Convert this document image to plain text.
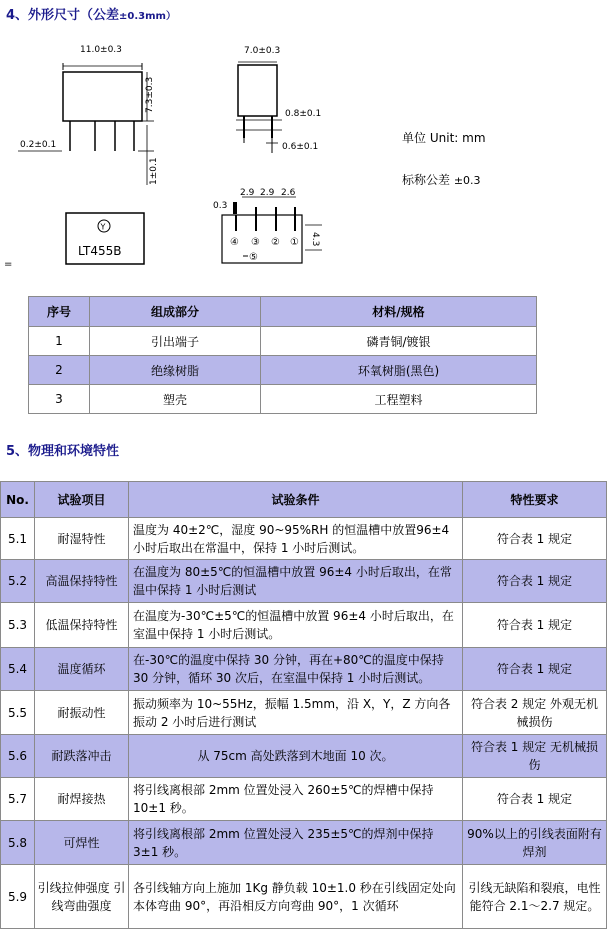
4、外形尺寸（公差±0.3mm）
11.0±0.3
7.3±0.3
1±0.1
0.2±0.1
7.0±0.3
0.8±0.1
0.6±0.1
Y
LT455B
2.9 2.9 2.6
0.3
④ ③ ② ①
⑤
4.3
单位 Unit: mm
标称公差 ±0.3
=
序号	组成部分	材料/规格
1	引出端子	磷青铜/镀银
2	绝缘树脂	环氧树脂(黑色)
3	塑壳	工程塑料
5、物理和环境特性
No.	试验项目	试验条件	特性要求
5.1	耐湿特性	温度为 40±2℃，湿度 90~95%RH 的恒温槽中放置96±4 小时后取出在常温中，保持 1 小时后测试。	符合表 1 规定
5.2	高温保持特性	在温度为 80±5℃的恒温槽中放置 96±4 小时后取出，在常温中保持 1 小时后测试	符合表 1 规定
5.3	低温保持特性	在温度为-30℃±5℃的恒温槽中放置 96±4 小时后取出，在室温中保持 1 小时后测试。	符合表 1 规定
5.4	温度循环	在-30℃的温度中保持 30 分钟，再在+80℃的温度中保持 30 分钟，循环 30 次后，在室温中保持 1 小时后测试。	符合表 1 规定
5.5	耐振动性	振动频率为 10~55Hz，振幅 1.5mm，沿 X，Y，Z 方向各振动 2 小时后进行测试	符合表 2 规定 外观无机械损伤
5.6	耐跌落冲击	从 75cm 高处跌落到木地面 10 次。	符合表 1 规定 无机械损伤
5.7	耐焊接热	将引线离根部 2mm 位置处浸入 260±5℃的焊槽中保持 10±1 秒。	符合表 1 规定
5.8	可焊性	将引线离根部 2mm 位置处浸入 235±5℃的焊剂中保持 3±1 秒。	90%以上的引线表面附有焊剂
5.9	引线拉伸强度 引线弯曲强度	各引线轴方向上施加 1Kg 静负载 10±1.0 秒在引线固定处向本体弯曲 90°，再沿相反方向弯曲 90°，1 次循环	引线无缺陷和裂痕，电性能符合 2.1～2.7 规定。
